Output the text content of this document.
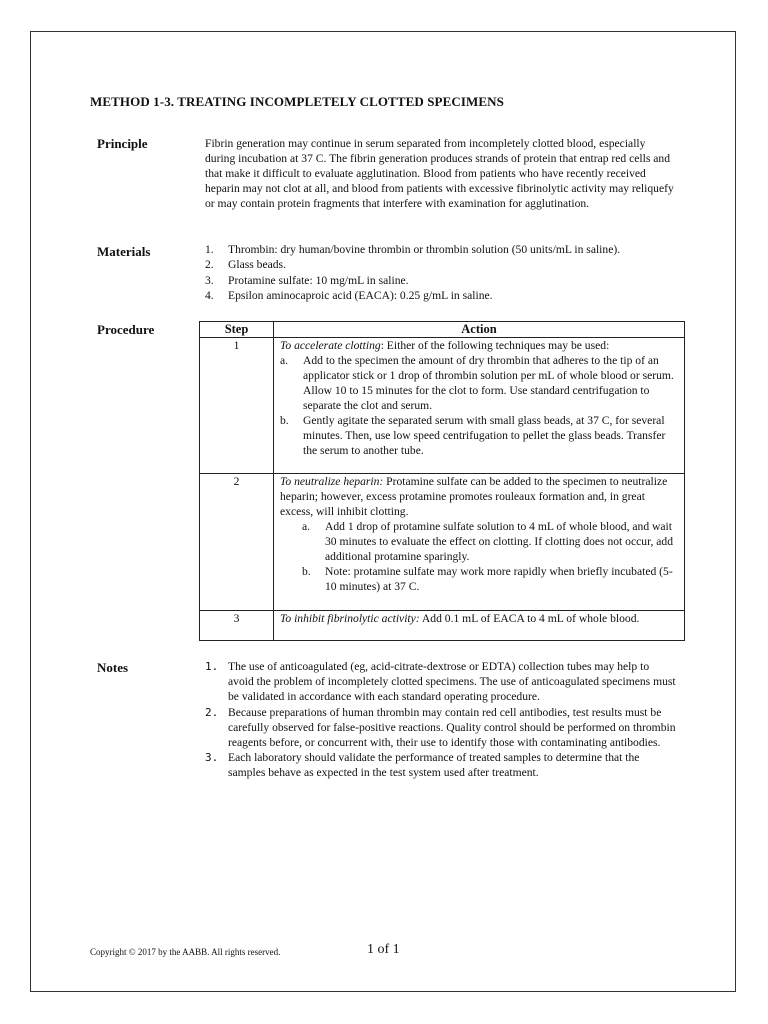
METHOD 1-3. TREATING INCOMPLETELY CLOTTED SPECIMENS
Principle	Fibrin generation may continue in serum separated from incompletely clotted blood, especially during incubation at 37 C. The fibrin generation produces strands of protein that entrap red cells and that make it difficult to evaluate agglutination. Blood from patients who have recently received heparin may not clot at all, and blood from patients with excessive fibrinolytic activity may reliquefy or may contain protein fragments that interfere with examination for agglutination.
Materials	1. Thrombin: dry human/bovine thrombin or thrombin solution (50 units/mL in saline).
2. Glass beads.
3. Protamine sulfate: 10 mg/mL in saline.
4. Epsilon aminocaproic acid (EACA): 0.25 g/mL in saline.
Procedure	Step	Action
1	To accelerate clotting: Either of the following techniques may be used:
a. Add to the specimen the amount of dry thrombin that adheres to the tip of an applicator stick or 1 drop of thrombin solution per mL of whole blood or serum. Allow 10 to 15 minutes for the clot to form. Use standard centrifugation to separate the clot and serum.
b. Gently agitate the separated serum with small glass beads, at 37 C, for several minutes. Then, use low speed centrifugation to pellet the glass beads. Transfer the serum to another tube.

2	To neutralize heparin: Protamine sulfate can be added to the specimen to neutralize heparin; however, excess protamine promotes rouleaux formation and, in great excess, will inhibit clotting.
a. Add 1 drop of protamine sulfate solution to 4 mL of whole blood, and wait 30 minutes to evaluate the effect on clotting. If clotting does not occur, add additional protamine sparingly.
b. Note: protamine sulfate may work more rapidly when briefly incubated (5-10 minutes) at 37 C.

3	To inhibit fibrinolytic activity: Add 0.1 mL of EACA to 4 mL of whole blood.
Notes	1. The use of anticoagulated (eg, acid-citrate-dextrose or EDTA) collection tubes may help to avoid the problem of incompletely clotted specimens. The use of anticoagulated specimens must be validated in accordance with each standard operating procedure.
2. Because preparations of human thrombin may contain red cell antibodies, test results must be carefully observed for false-positive reactions. Quality control should be performed on thrombin reagents before, or concurrent with, their use to identify those with contaminating antibodies.
3. Each laboratory should validate the performance of treated samples to determine that the samples behave as expected in the test system used after treatment.
Copyright © 2017 by the AABB. All rights reserved.	1 of 1
